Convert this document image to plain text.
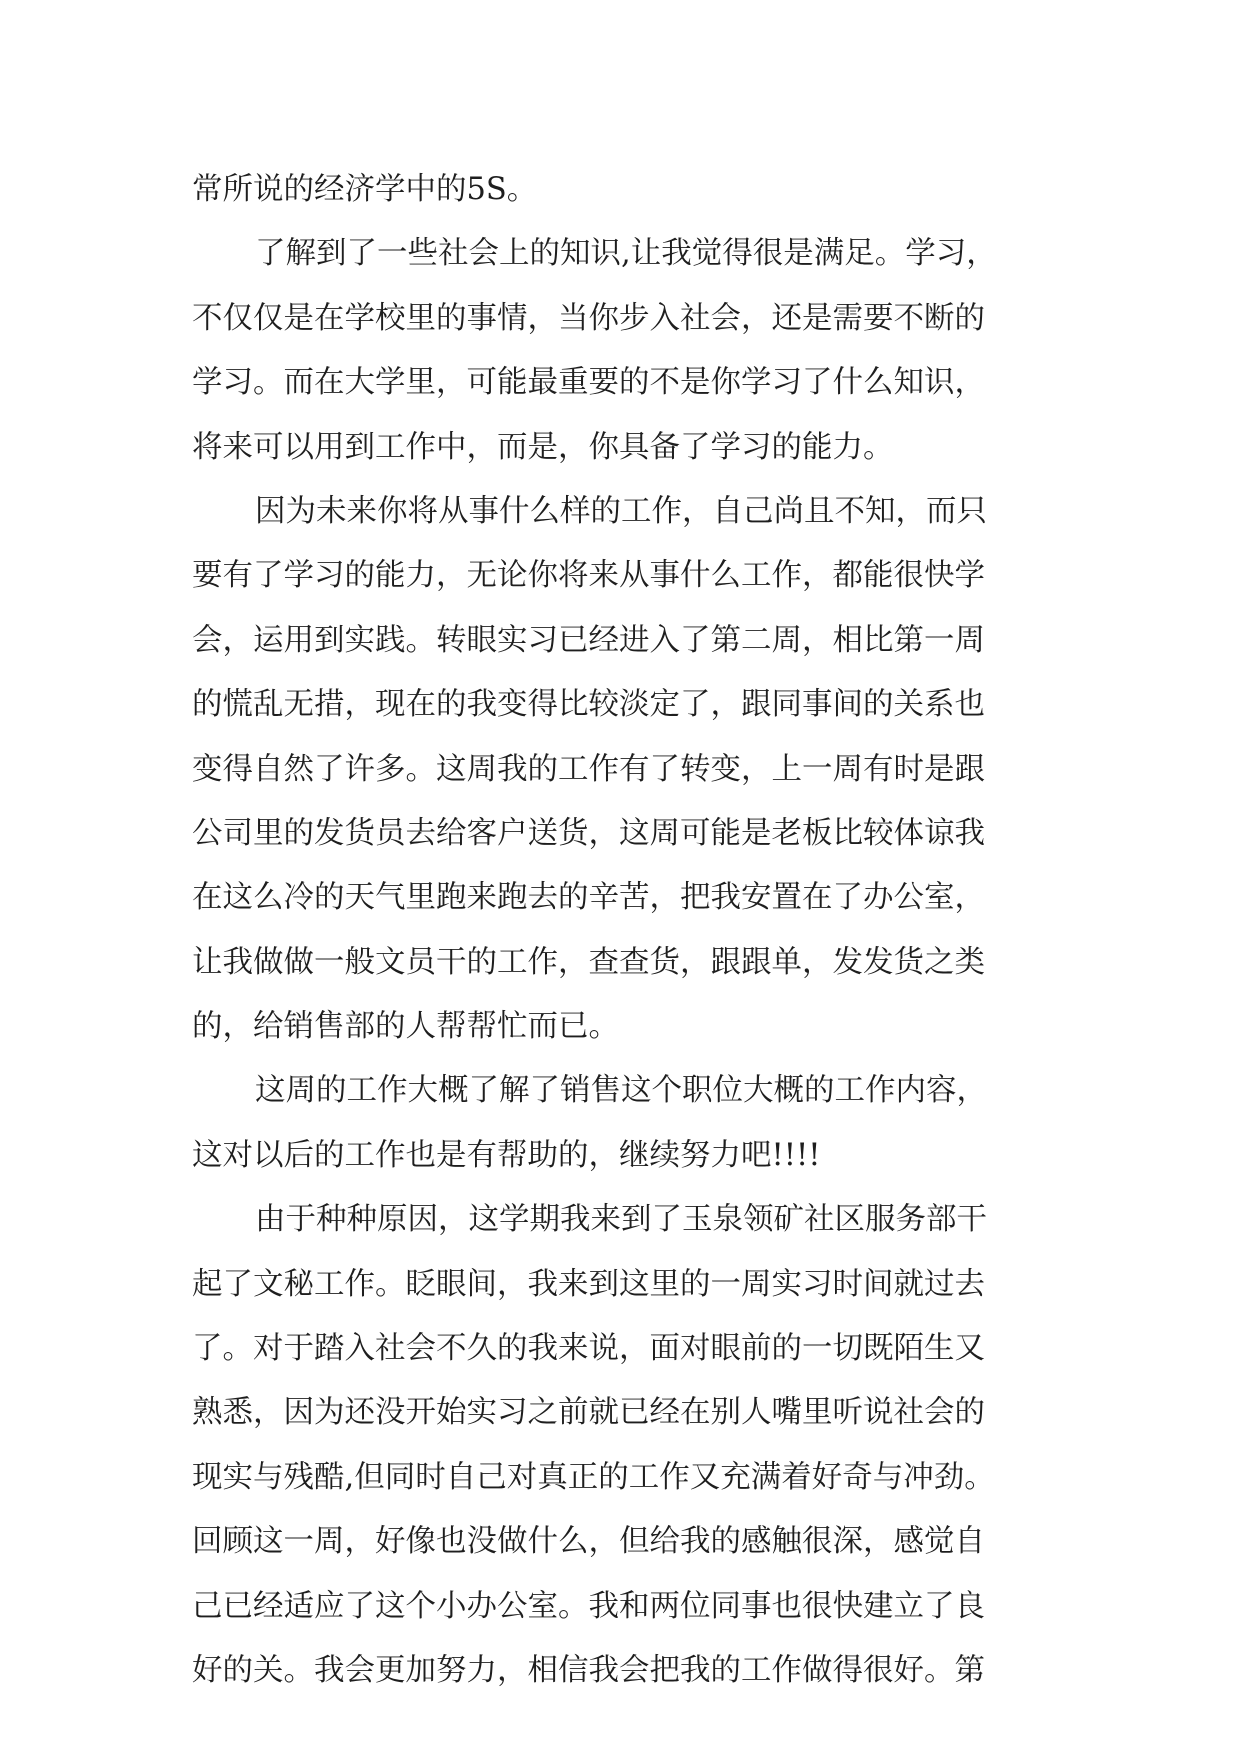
常所说的经济学中的5S。
了解到了一些社会上的知识,让我觉得很是满足。学习，
不仅仅是在学校里的事情，当你步入社会，还是需要不断的
学习。而在大学里，可能最重要的不是你学习了什么知识，
将来可以用到工作中，而是，你具备了学习的能力。
因为未来你将从事什么样的工作，自己尚且不知，而只
要有了学习的能力，无论你将来从事什么工作，都能很快学
会，运用到实践。转眼实习已经进入了第二周，相比第一周
的慌乱无措，现在的我变得比较淡定了，跟同事间的关系也
变得自然了许多。这周我的工作有了转变，上一周有时是跟
公司里的发货员去给客户送货，这周可能是老板比较体谅我
在这么冷的天气里跑来跑去的辛苦，把我安置在了办公室，
让我做做一般文员干的工作，查查货，跟跟单，发发货之类
的，给销售部的人帮帮忙而已。
这周的工作大概了解了销售这个职位大概的工作内容，
这对以后的工作也是有帮助的，继续努力吧!!!!
由于种种原因，这学期我来到了玉泉领矿社区服务部干
起了文秘工作。眨眼间，我来到这里的一周实习时间就过去
了。对于踏入社会不久的我来说，面对眼前的一切既陌生又
熟悉，因为还没开始实习之前就已经在别人嘴里听说社会的
现实与残酷,但同时自己对真正的工作又充满着好奇与冲劲。
回顾这一周，好像也没做什么，但给我的感触很深，感觉自
己已经适应了这个小办公室。我和两位同事也很快建立了良
好的关。我会更加努力，相信我会把我的工作做得很好。第
